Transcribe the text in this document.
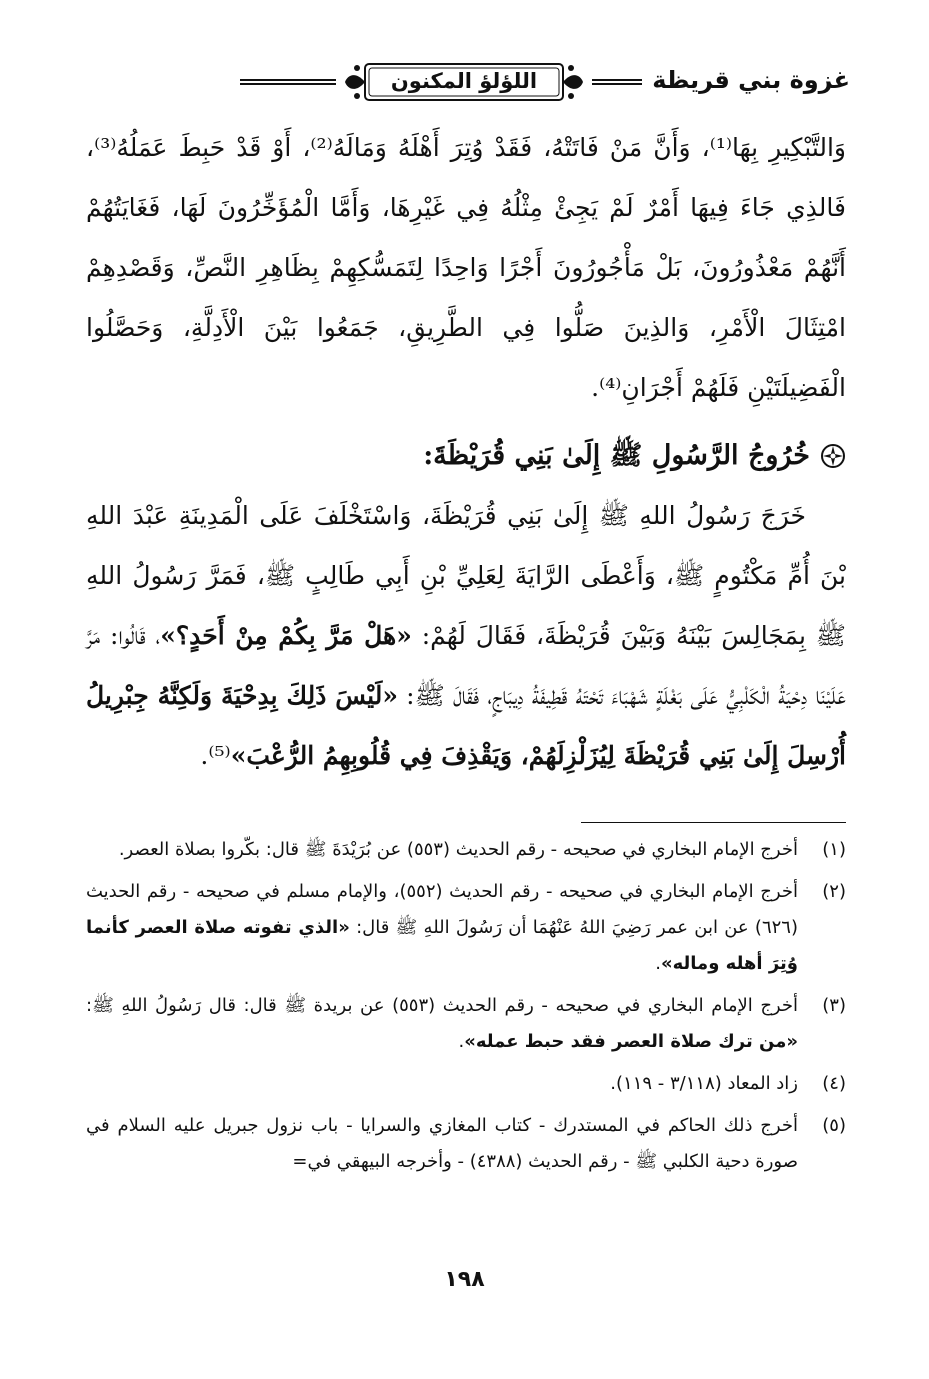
غزوة بني قريظة
اللؤلؤ المكنون

وَالتَّبْكِيرِ بِهَا⁽¹⁾، وَأَنَّ مَنْ فَاتَتْهُ، فَقَدْ وُتِرَ أَهْلَهُ وَمَالَهُ⁽²⁾، أَوْ قَدْ حَبِطَ عَمَلُهُ⁽³⁾، فَالذِي جَاءَ فِيهَا أَمْرٌ لَمْ يَجِئْ مِثْلُهُ فِي غَيْرِهَا، وَأَمَّا الْمُؤَخِّرُونَ لَهَا، فَغَايَتُهُمْ أَنَّهُمْ مَعْذُورُونَ، بَلْ مَأْجُورُونَ أَجْرًا وَاحِدًا لِتَمَسُّكِهِمْ بِظَاهِرِ النَّصِّ، وَقَصْدِهِمْ امْتِثَالَ الْأَمْرِ، وَالذِينَ صَلُّوا فِي الطَّرِيقِ، جَمَعُوا بَيْنَ الْأَدِلَّةِ، وَحَصَّلُوا الْفَضِيلَتَيْنِ فَلَهُمْ أَجْرَانِ⁽⁴⁾.

خُرُوجُ الرَّسُولِ ﷺ إِلَىٰ بَنِي قُرَيْظَةَ:

خَرَجَ رَسُولُ اللهِ ﷺ إِلَىٰ بَنِي قُرَيْظَةَ، وَاسْتَخْلَفَ عَلَى الْمَدِينَةِ عَبْدَ اللهِ بْنَ أُمِّ مَكْتُومٍ ﷺ، وَأَعْطَى الرَّايَةَ لِعَلِيِّ بْنِ أَبِي طَالِبٍ ﷺ، فَمَرَّ رَسُولُ اللهِ ﷺ بِمَجَالِسَ بَيْنَهُ وَبَيْنَ قُرَيْظَةَ، فَقَالَ لَهُمْ: «هَلْ مَرَّ بِكُمْ مِنْ أَحَدٍ؟»، قَالُوا: مَرَّ عَلَيْنَا دِحْيَةُ الْكَلْبِيُّ عَلَى بَغْلَةٍ شَهْبَاءَ تَحْتَهُ قَطِيفَةُ دِيبَاجٍ، فَقَالَ ﷺ: «لَيْسَ ذَلِكَ بِدِحْيَةَ وَلَكِنَّهُ جِبْرِيلُ أُرْسِلَ إِلَىٰ بَنِي قُرَيْظَةَ لِيُزَلْزِلَهُمْ، وَيَقْذِفَ فِي قُلُوبِهِمُ الرُّعْبَ»⁽⁵⁾.

(١)
أخرج الإمام البخاري في صحيحه - رقم الحديث (٥٥٣) عن بُرَيْدَةَ ﷺ قال: بكّروا بصلاة العصر.
(٢)
أخرج الإمام البخاري في صحيحه - رقم الحديث (٥٥٢)، والإمام مسلم في صحيحه - رقم الحديث (٦٢٦) عن ابن عمر رَضِيَ اللهُ عَنْهُمَا أن رَسُولَ اللهِ ﷺ قال: «الذي تفوته صلاة العصر كأنما وُتِرَ أهله وماله».
(٣)
أخرج الإمام البخاري في صحيحه - رقم الحديث (٥٥٣) عن بريدة ﷺ قال: قال رَسُولُ اللهِ ﷺ: «من ترك صلاة العصر فقد حبط عمله».
(٤)
زاد المعاد (٣/١١٨ - ١١٩).
(٥)
أخرج ذلك الحاكم في المستدرك - كتاب المغازي والسرايا - باب نزول جبريل عليه السلام في صورة دحية الكلبي ﷺ - رقم الحديث (٤٣٨٨) - وأخرجه البيهقي في=
١٩٨
